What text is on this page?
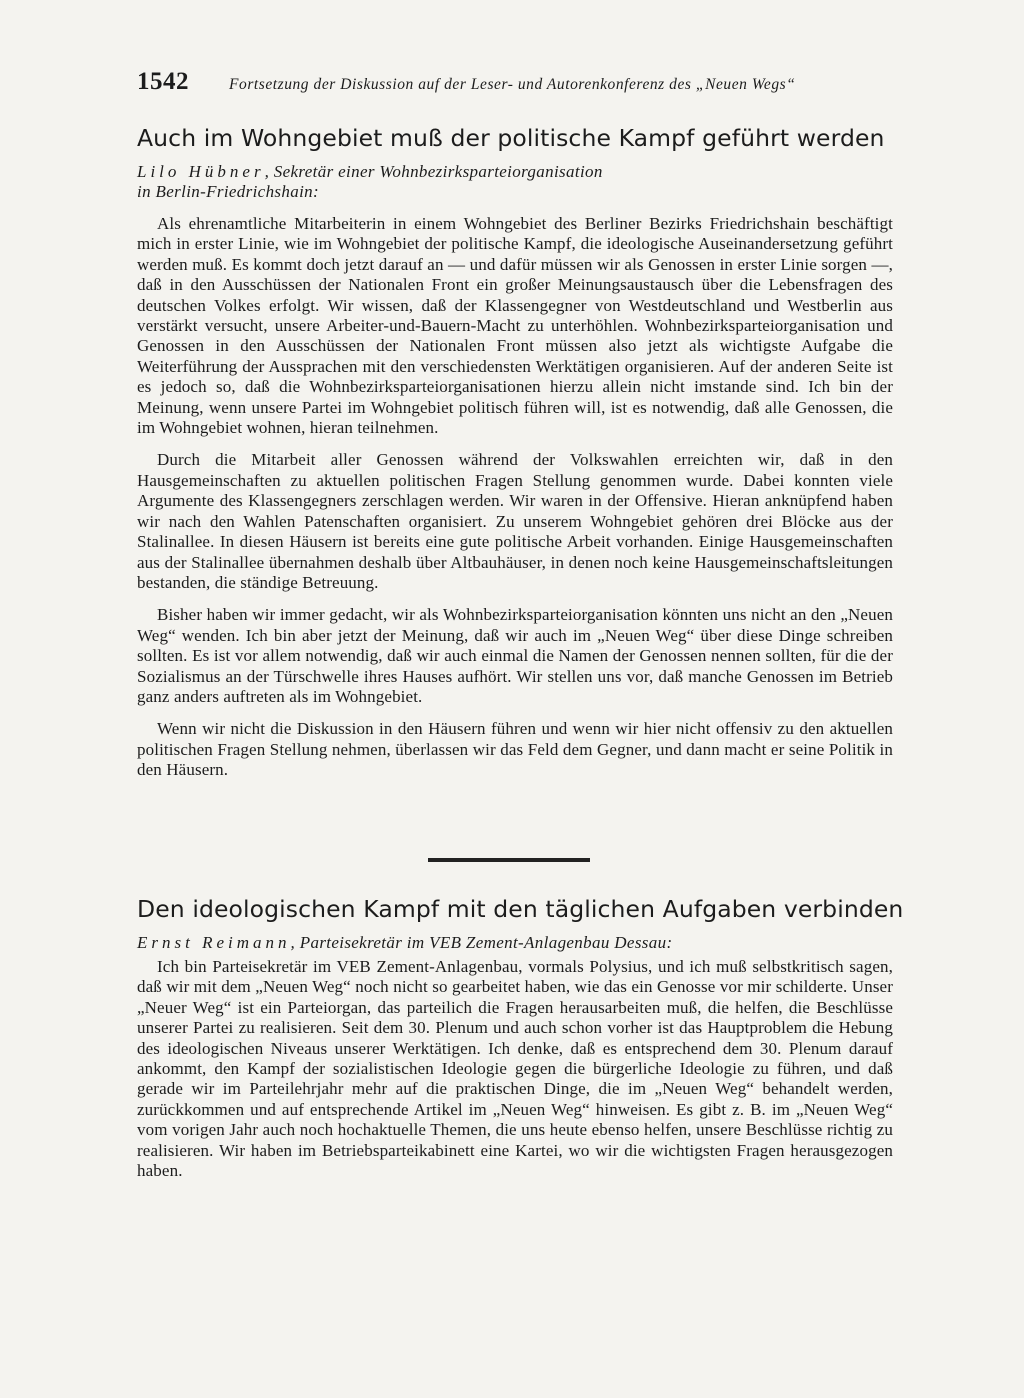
1542	Fortsetzung der Diskussion auf der Leser- und Autorenkonferenz des „Neuen Wegs“
Auch im Wohngebiet muß der politische Kampf geführt werden

Lilo Hübner, Sekretär einer Wohnbezirksparteiorganisation
in Berlin-Friedrichshain:

Als ehrenamtliche Mitarbeiterin in einem Wohngebiet des Berliner Bezirks Friedrichshain beschäftigt mich in erster Linie, wie im Wohngebiet der politische Kampf, die ideologische Auseinandersetzung geführt werden muß. Es kommt doch jetzt darauf an — und dafür müssen wir als Genossen in erster Linie sorgen —, daß in den Ausschüssen der Nationalen Front ein großer Meinungsaustausch über die Lebensfragen des deutschen Volkes erfolgt. Wir wissen, daß der Klassengegner von Westdeutschland und Westberlin aus verstärkt versucht, unsere Arbeiter-und-Bauern-Macht zu unterhöhlen. Wohnbezirksparteiorganisation und Genossen in den Ausschüssen der Nationalen Front müssen also jetzt als wichtigste Aufgabe die Weiterführung der Aussprachen mit den verschiedensten Werktätigen organisieren. Auf der anderen Seite ist es jedoch so, daß die Wohnbezirksparteiorganisationen hierzu allein nicht imstande sind. Ich bin der Meinung, wenn unsere Partei im Wohngebiet politisch führen will, ist es notwendig, daß alle Genossen, die im Wohngebiet wohnen, hieran teilnehmen.

Durch die Mitarbeit aller Genossen während der Volkswahlen erreichten wir, daß in den Hausgemeinschaften zu aktuellen politischen Fragen Stellung genommen wurde. Dabei konnten viele Argumente des Klassengegners zerschlagen werden. Wir waren in der Offensive. Hieran anknüpfend haben wir nach den Wahlen Patenschaften organisiert. Zu unserem Wohngebiet gehören drei Blöcke aus der Stalinallee. In diesen Häusern ist bereits eine gute politische Arbeit vorhanden. Einige Hausgemeinschaften aus der Stalinallee übernahmen deshalb über Altbauhäuser, in denen noch keine Hausgemeinschaftsleitungen bestanden, die ständige Betreuung.

Bisher haben wir immer gedacht, wir als Wohnbezirksparteiorganisation könnten uns nicht an den „Neuen Weg“ wenden. Ich bin aber jetzt der Meinung, daß wir auch im „Neuen Weg“ über diese Dinge schreiben sollten. Es ist vor allem notwendig, daß wir auch einmal die Namen der Genossen nennen sollten, für die der Sozialismus an der Türschwelle ihres Hauses aufhört. Wir stellen uns vor, daß manche Genossen im Betrieb ganz anders auftreten als im Wohngebiet.

Wenn wir nicht die Diskussion in den Häusern führen und wenn wir hier nicht offensiv zu den aktuellen politischen Fragen Stellung nehmen, überlassen wir das Feld dem Gegner, und dann macht er seine Politik in den Häusern.

Den ideologischen Kampf mit den täglichen Aufgaben verbinden

Ernst Reimann, Parteisekretär im VEB Zement-Anlagenbau Dessau:

Ich bin Parteisekretär im VEB Zement-Anlagenbau, vormals Polysius, und ich muß selbstkritisch sagen, daß wir mit dem „Neuen Weg“ noch nicht so gearbeitet haben, wie das ein Genosse vor mir schilderte. Unser „Neuer Weg“ ist ein Parteiorgan, das parteilich die Fragen herausarbeiten muß, die helfen, die Beschlüsse unserer Partei zu realisieren. Seit dem 30. Plenum und auch schon vorher ist das Hauptproblem die Hebung des ideologischen Niveaus unserer Werktätigen. Ich denke, daß es entsprechend dem 30. Plenum darauf ankommt, den Kampf der sozialistischen Ideologie gegen die bürgerliche Ideologie zu führen, und daß gerade wir im Parteilehrjahr mehr auf die praktischen Dinge, die im „Neuen Weg“ behandelt werden, zurückkommen und auf entsprechende Artikel im „Neuen Weg“ hinweisen. Es gibt z. B. im „Neuen Weg“ vom vorigen Jahr auch noch hochaktuelle Themen, die uns heute ebenso helfen, unsere Beschlüsse richtig zu realisieren. Wir haben im Betriebsparteikabinett eine Kartei, wo wir die wichtigsten Fragen herausgezogen haben.
